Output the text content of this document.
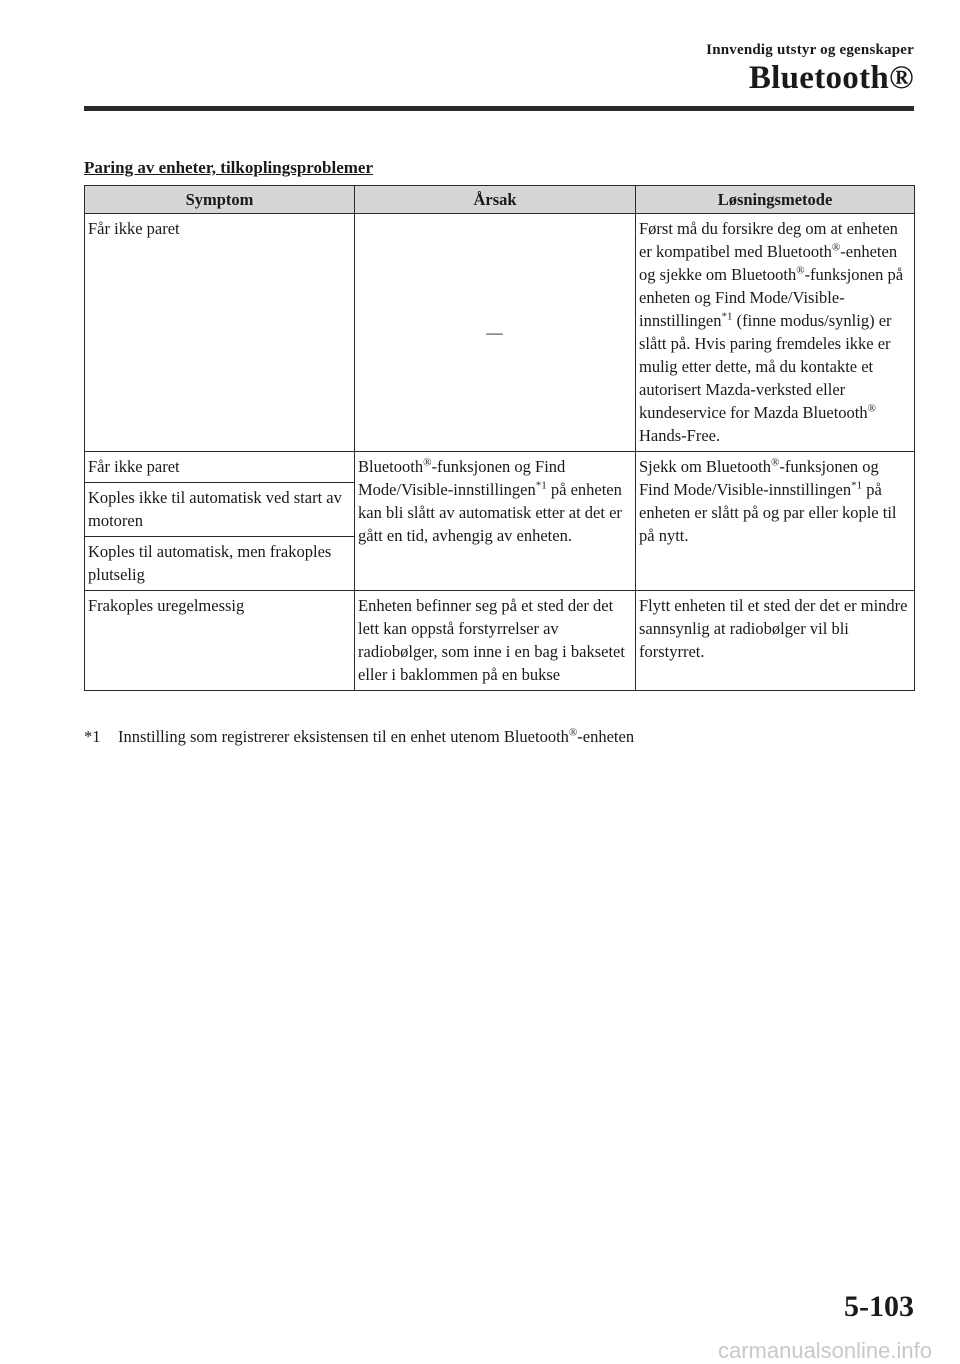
Innvendig utstyr og egenskaper
Bluetooth®
Paring av enheter, tilkoplingsproblemer
Symptom	Årsak	Løsningsmetode
Får ikke paret	—	Først må du forsikre deg om at enheten er kompatibel med Bluetooth®-enheten og sjekke om Bluetooth®-funksjonen på enheten og Find Mode/Visible-innstillingen$^{*1}$ (finne modus/synlig) er slått på. Hvis paring fremdeles ikke er mulig etter dette, må du kontakte et autorisert Mazda-verksted eller kundeservice for Mazda Bluetooth® Hands-Free.
Får ikke paret	Bluetooth®-funksjonen og Find Mode/Visible-innstillingen$^{*1}$ på enheten kan bli slått av automatisk etter at det er gått en tid, avhengig av enheten.	Sjekk om Bluetooth®-funksjonen og Find Mode/Visible-innstillingen$^{*1}$ på enheten er slått på og par eller kople til på nytt.
Koples ikke til automatisk ved start av motoren		
Koples til automatisk, men frakoples plutselig		
Frakoples uregelmessig	Enheten befinner seg på et sted der det lett kan oppstå forstyrrelser av radiobølger, som inne i en bag i baksetet eller i baklommen på en bukse	Flytt enheten til et sted der det er mindre sannsynlig at radiobølger vil bli forstyrret.
*1 Innstilling som registrerer eksistensen til en enhet utenom Bluetooth®-enheten
5-103
carmanualsonline.info
